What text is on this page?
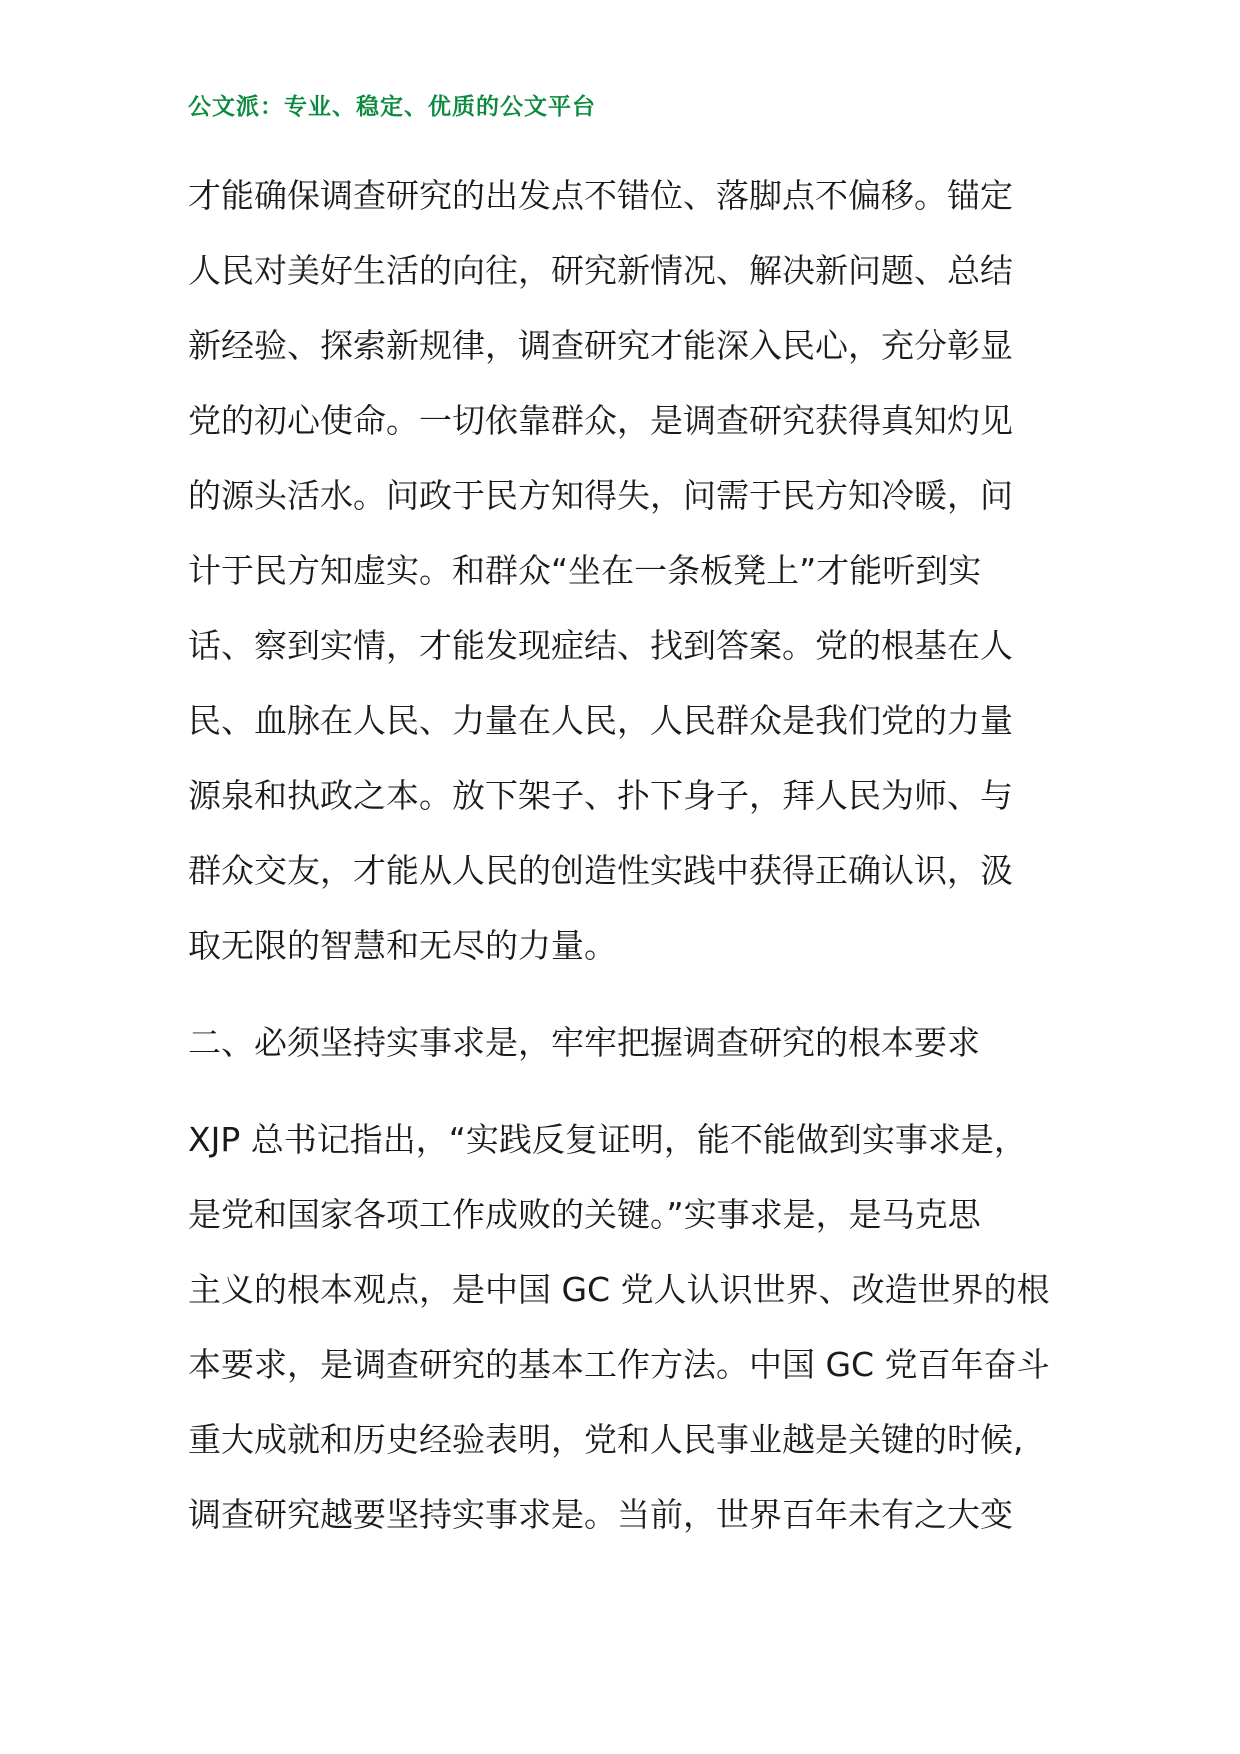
公文派：专业、稳定、优质的公文平台
才能确保调查研究的出发点不错位、落脚点不偏移。锚定
人民对美好生活的向往，研究新情况、解决新问题、总结
新经验、探索新规律，调查研究才能深入民心，充分彰显
党的初心使命。一切依靠群众，是调查研究获得真知灼见
的源头活水。问政于民方知得失，问需于民方知冷暖，问
计于民方知虚实。和群众“坐在一条板凳上”才能听到实
话、察到实情，才能发现症结、找到答案。党的根基在人
民、血脉在人民、力量在人民，人民群众是我们党的力量
源泉和执政之本。放下架子、扑下身子，拜人民为师、与
群众交友，才能从人民的创造性实践中获得正确认识，汲
取无限的智慧和无尽的力量。
二、必须坚持实事求是，牢牢把握调查研究的根本要求
XJP 总书记指出，“实践反复证明，能不能做到实事求是，
是党和国家各项工作成败的关键。”实事求是，是马克思
主义的根本观点，是中国 GC 党人认识世界、改造世界的根
本要求，是调查研究的基本工作方法。中国 GC 党百年奋斗
重大成就和历史经验表明，党和人民事业越是关键的时候,
调查研究越要坚持实事求是。当前，世界百年未有之大变
